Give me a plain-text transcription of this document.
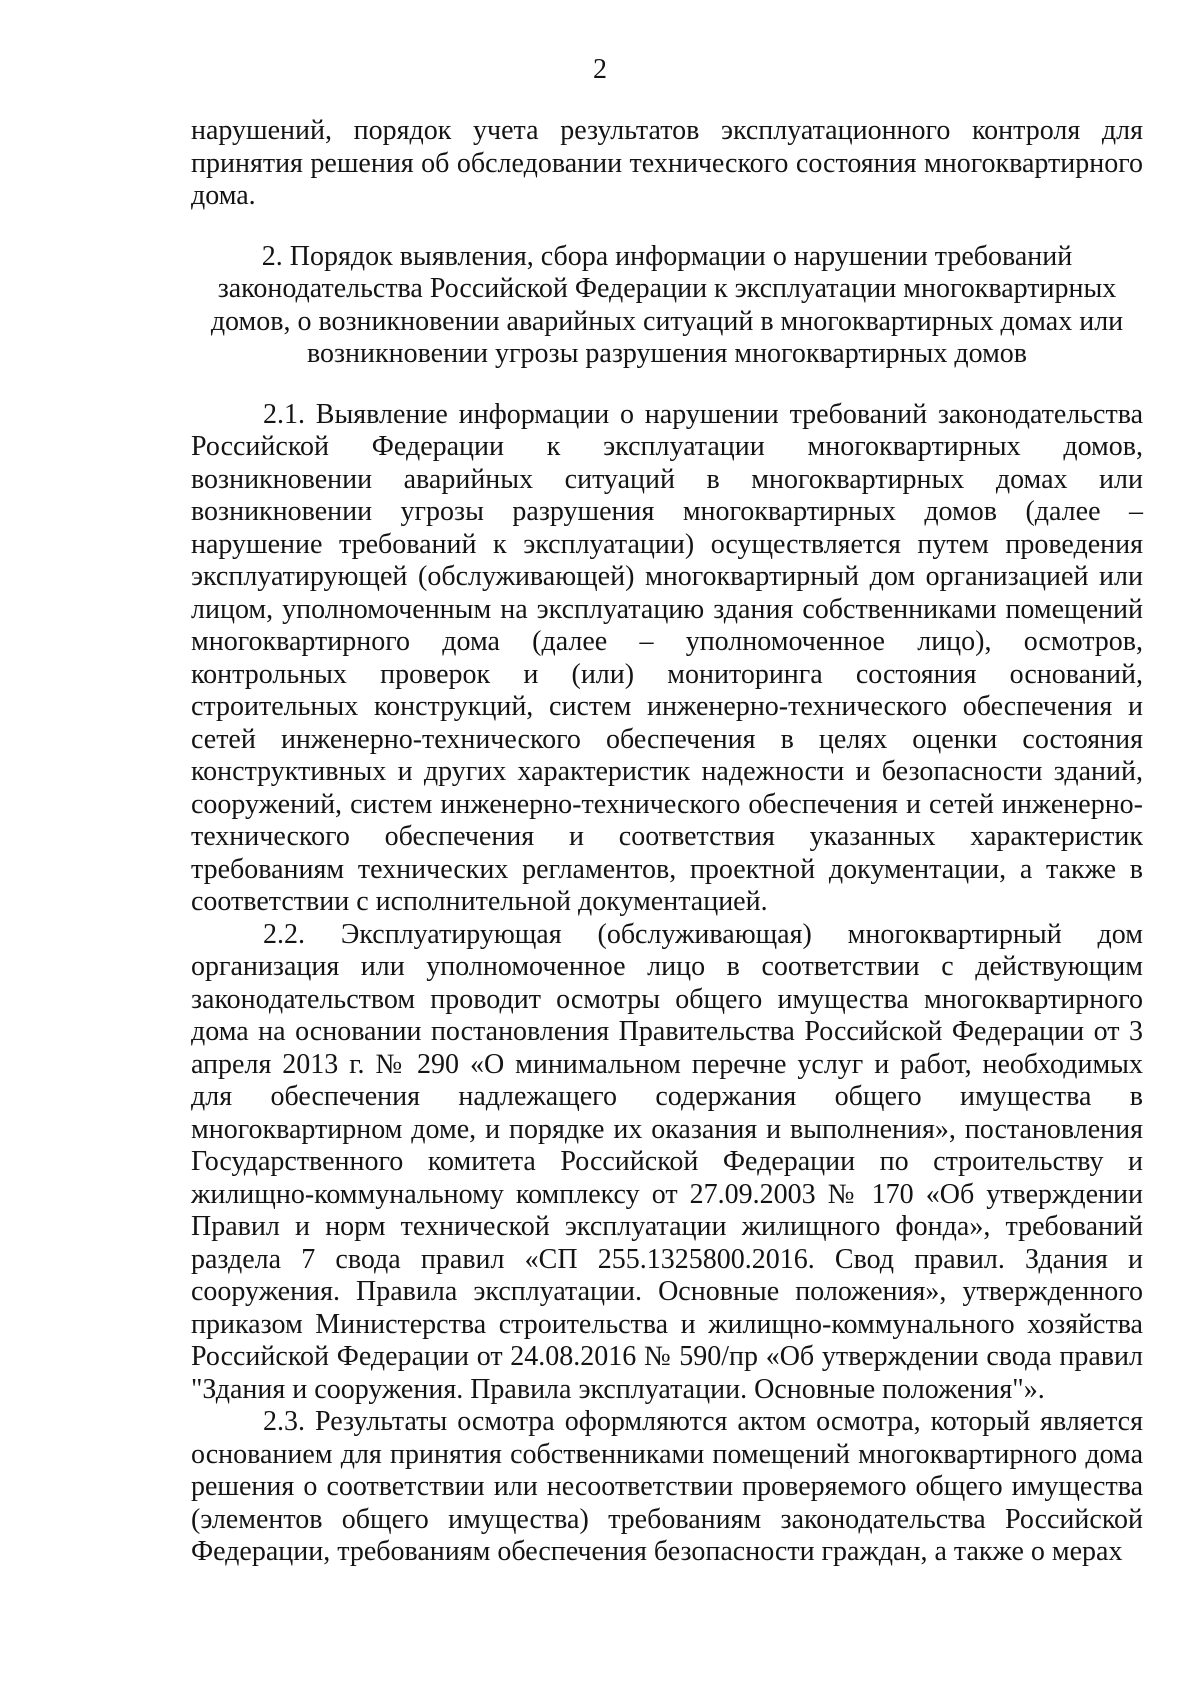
2

нарушений, порядок учета результатов эксплуатационного контроля для принятия решения об обследовании технического состояния многоквартирного дома.

2. Порядок выявления, сбора информации о нарушении требований законодательства Российской Федерации к эксплуатации многоквартирных домов, о возникновении аварийных ситуаций в многоквартирных домах или возникновении угрозы разрушения многоквартирных домов

2.1. Выявление информации о нарушении требований законодательства Российской Федерации к эксплуатации многоквартирных домов, возникновении аварийных ситуаций в многоквартирных домах или возникновении угрозы разрушения многоквартирных домов (далее – нарушение требований к эксплуатации) осуществляется путем проведения эксплуатирующей (обслуживающей) многоквартирный дом организацией или лицом, уполномоченным на эксплуатацию здания собственниками помещений многоквартирного дома (далее – уполномоченное лицо), осмотров, контрольных проверок и (или) мониторинга состояния оснований, строительных конструкций, систем инженерно-технического обеспечения и сетей инженерно-технического обеспечения в целях оценки состояния конструктивных и других характеристик надежности и безопасности зданий, сооружений, систем инженерно-технического обеспечения и сетей инженерно-технического обеспечения и соответствия указанных характеристик требованиям технических регламентов, проектной документации, а также в соответствии с исполнительной документацией.

2.2. Эксплуатирующая (обслуживающая) многоквартирный дом организация или уполномоченное лицо в соответствии с действующим законодательством проводит осмотры общего имущества многоквартирного дома на основании постановления Правительства Российской Федерации от 3 апреля 2013 г. № 290 «О минимальном перечне услуг и работ, необходимых для обеспечения надлежащего содержания общего имущества в многоквартирном доме, и порядке их оказания и выполнения», постановления Государственного комитета Российской Федерации по строительству и жилищно-коммунальному комплексу от 27.09.2003 № 170 «Об утверждении Правил и норм технической эксплуатации жилищного фонда», требований раздела 7 свода правил «СП 255.1325800.2016. Свод правил. Здания и сооружения. Правила эксплуатации. Основные положения», утвержденного приказом Министерства строительства и жилищно-коммунального хозяйства Российской Федерации от 24.08.2016 № 590/пр «Об утверждении свода правил "Здания и сооружения. Правила эксплуатации. Основные положения"».

2.3. Результаты осмотра оформляются актом осмотра, который является основанием для принятия собственниками помещений многоквартирного дома решения о соответствии или несоответствии проверяемого общего имущества (элементов общего имущества) требованиям законодательства Российской Федерации, требованиям обеспечения безопасности граждан, а также о мерах
